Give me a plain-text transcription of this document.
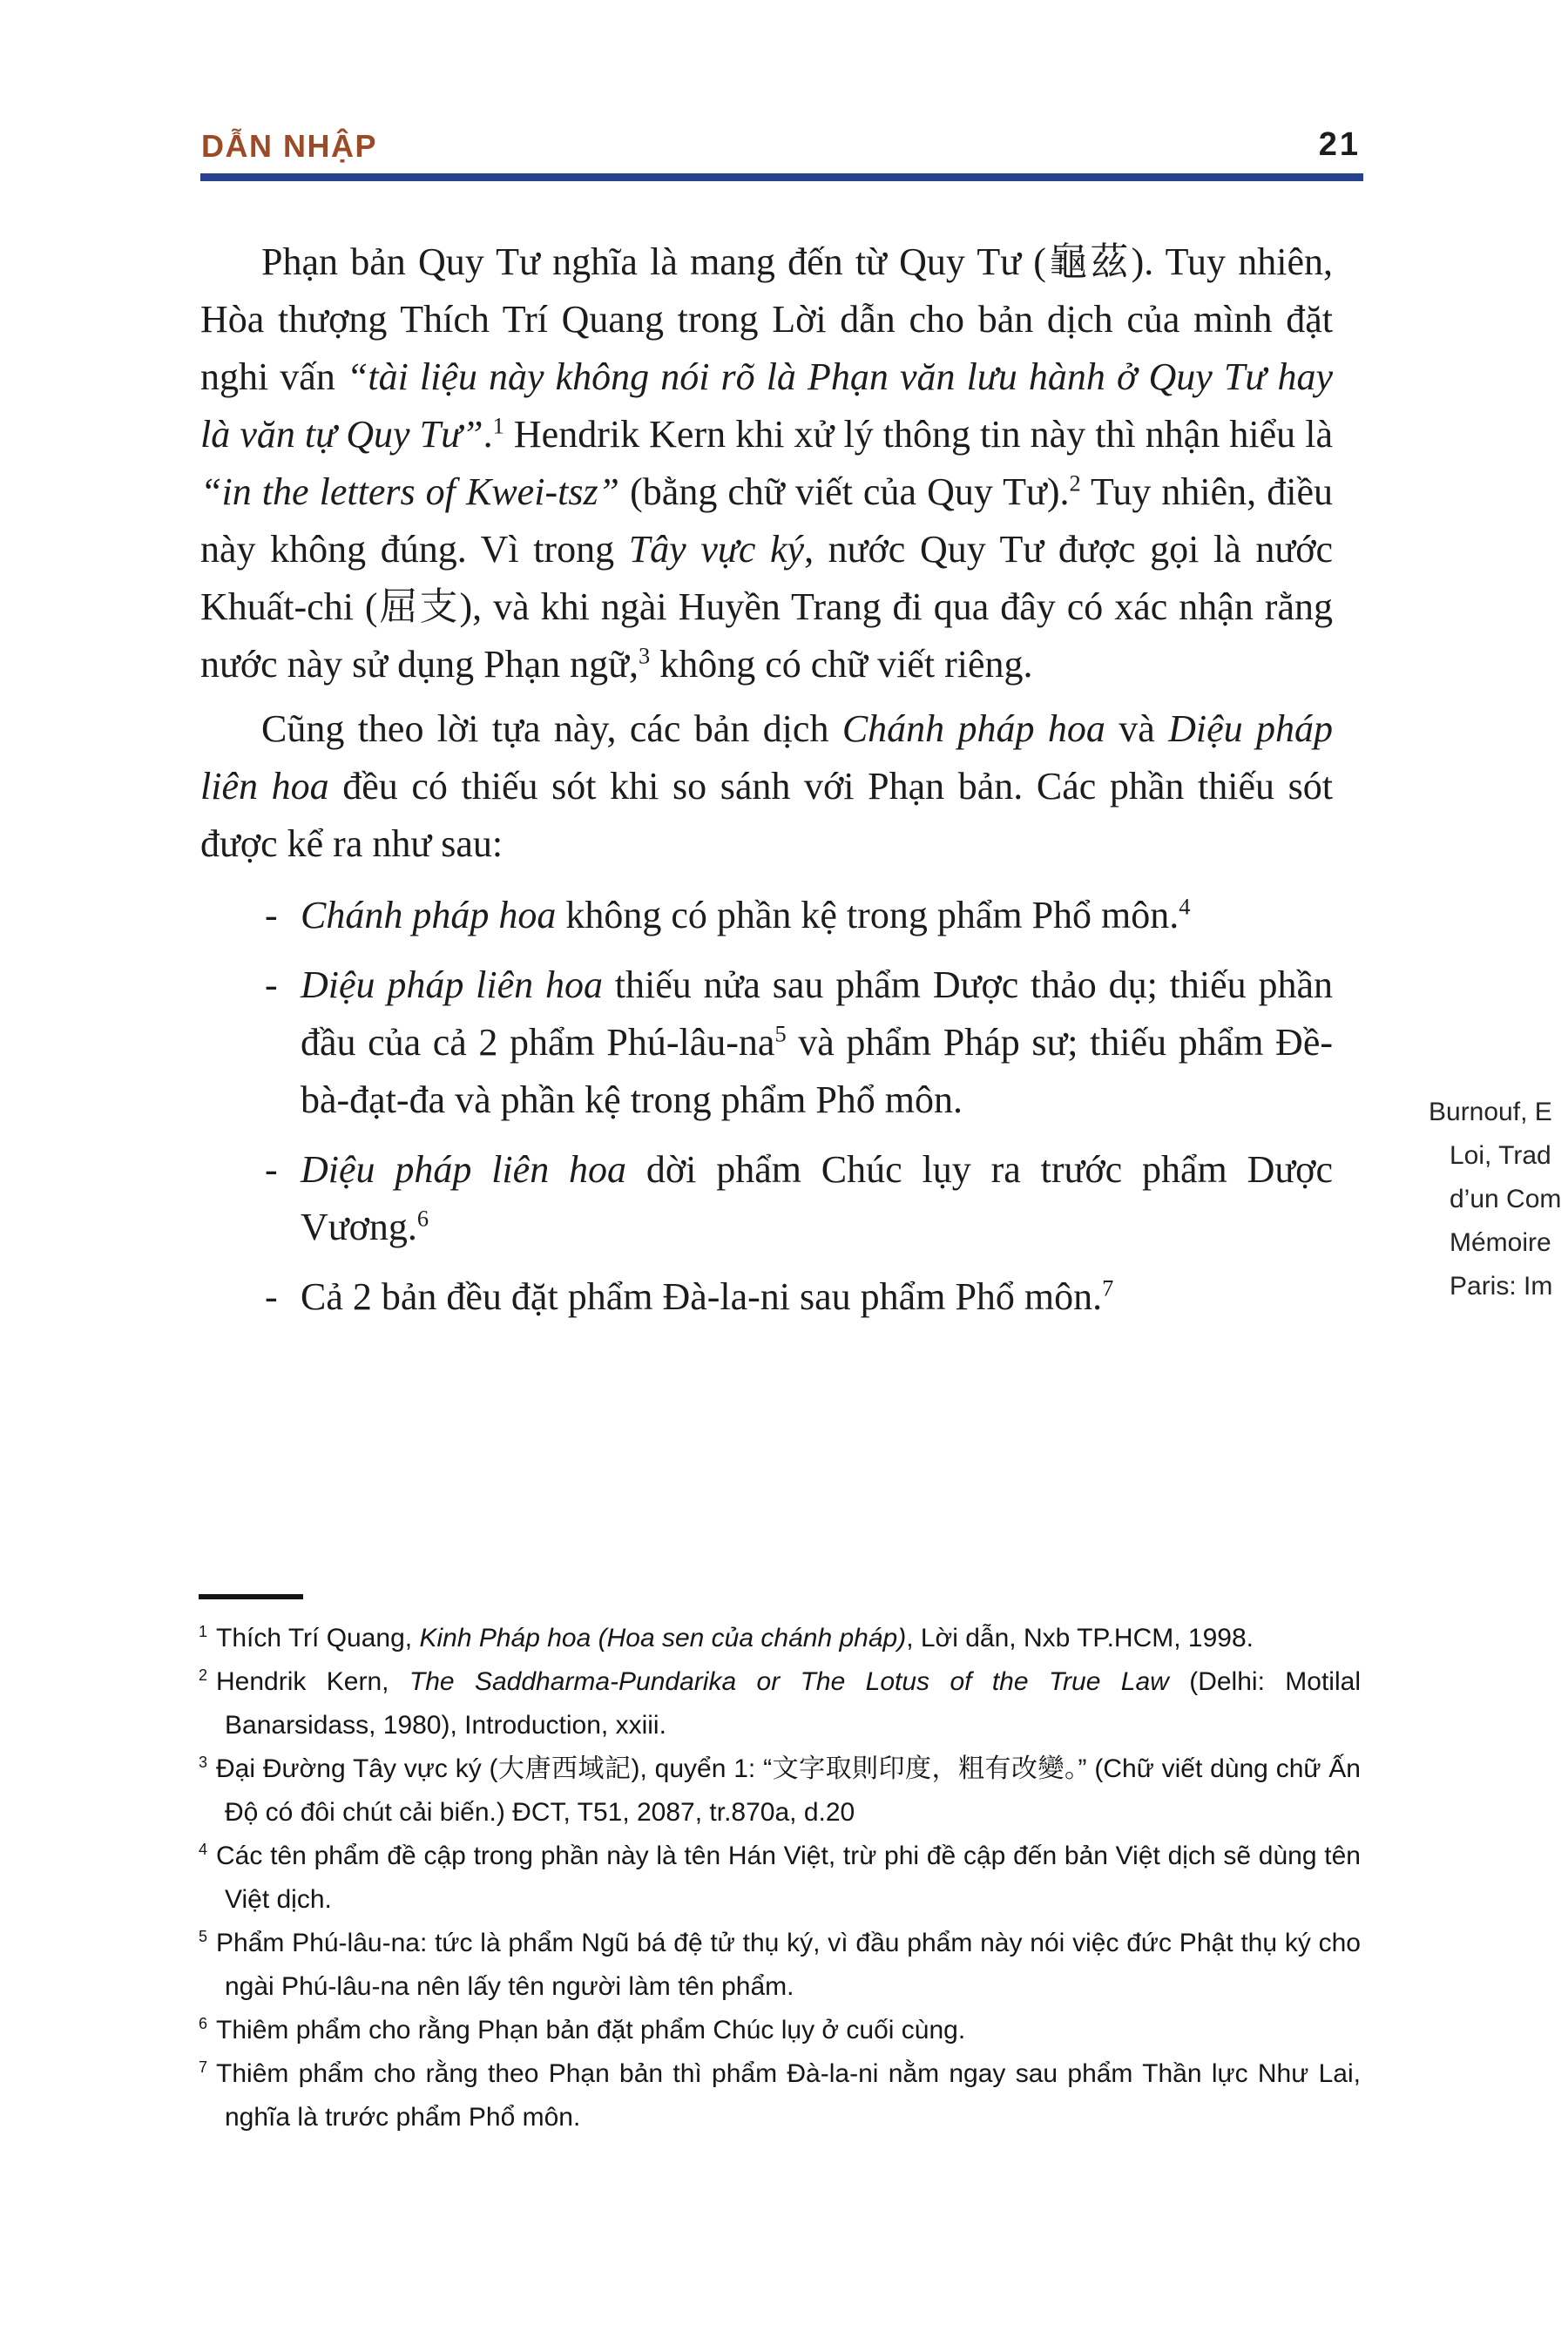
DẪN NHẬP	21

Phạn bản Quy Tư nghĩa là mang đến từ Quy Tư (龜茲). Tuy nhiên, Hòa thượng Thích Trí Quang trong Lời dẫn cho bản dịch của mình đặt nghi vấn “tài liệu này không nói rõ là Phạn văn lưu hành ở Quy Tư hay là văn tự Quy Tư”.$^1$ Hendrik Kern khi xử lý thông tin này thì nhận hiểu là “in the letters of Kwei-tsz” (bằng chữ viết của Quy Tư).$^2$ Tuy nhiên, điều này không đúng. Vì trong Tây vực ký, nước Quy Tư được gọi là nước Khuất-chi (屈支), và khi ngài Huyền Trang đi qua đây có xác nhận rằng nước này sử dụng Phạn ngữ,$^3$ không có chữ viết riêng.

Cũng theo lời tựa này, các bản dịch Chánh pháp hoa và Diệu pháp liên hoa đều có thiếu sót khi so sánh với Phạn bản. Các phần thiếu sót được kể ra như sau:

- Chánh pháp hoa không có phần kệ trong phẩm Phổ môn.$^4$
- Diệu pháp liên hoa thiếu nửa sau phẩm Dược thảo dụ; thiếu phần đầu của cả 2 phẩm Phú-$lâu-na^5$ và phẩm Pháp sư; thiếu phẩm Đề-bà-đạt-đa và phần kệ trong phẩm Phổ môn.
- Diệu pháp liên hoa dời phẩm Chúc lụy ra trước phẩm Dược Vương.$^6$
- Cả 2 bản đều đặt phẩm Đà-la-ni sau phẩm Phổ môn.$^7$
Burnouf, E
Loi, Trad
d’un Com
Mémoire
Paris: Im
$^1$ Thích Trí Quang, Kinh Pháp hoa (Hoa sen của chánh pháp), Lời dẫn, Nxb TP.HCM, 1998.
$^2$ Hendrik Kern, The Saddharma-Pundarika or The Lotus of the True Law (Delhi: Motilal Banarsidass, 1980), Introduction, xxiii.
$^3$ Đại Đường Tây vực ký (大唐西域記), quyển 1: “文字取則印度，粗有改變。” (Chữ viết dùng chữ Ấn Độ có đôi chút cải biến.) ĐCT, T51, 2087, tr.870a, d.20
$^4$ Các tên phẩm đề cập trong phần này là tên Hán Việt, trừ phi đề cập đến bản Việt dịch sẽ dùng tên Việt dịch.
$^5$ Phẩm Phú-lâu-na: tức là phẩm Ngũ bá đệ tử thụ ký, vì đầu phẩm này nói việc đức Phật thụ ký cho ngài Phú-lâu-na nên lấy tên người làm tên phẩm.
$^6$ Thiêm phẩm cho rằng Phạn bản đặt phẩm Chúc lụy ở cuối cùng.
$^7$ Thiêm phẩm cho rằng theo Phạn bản thì phẩm Đà-la-ni nằm ngay sau phẩm Thần lực Như Lai, nghĩa là trước phẩm Phổ môn.
